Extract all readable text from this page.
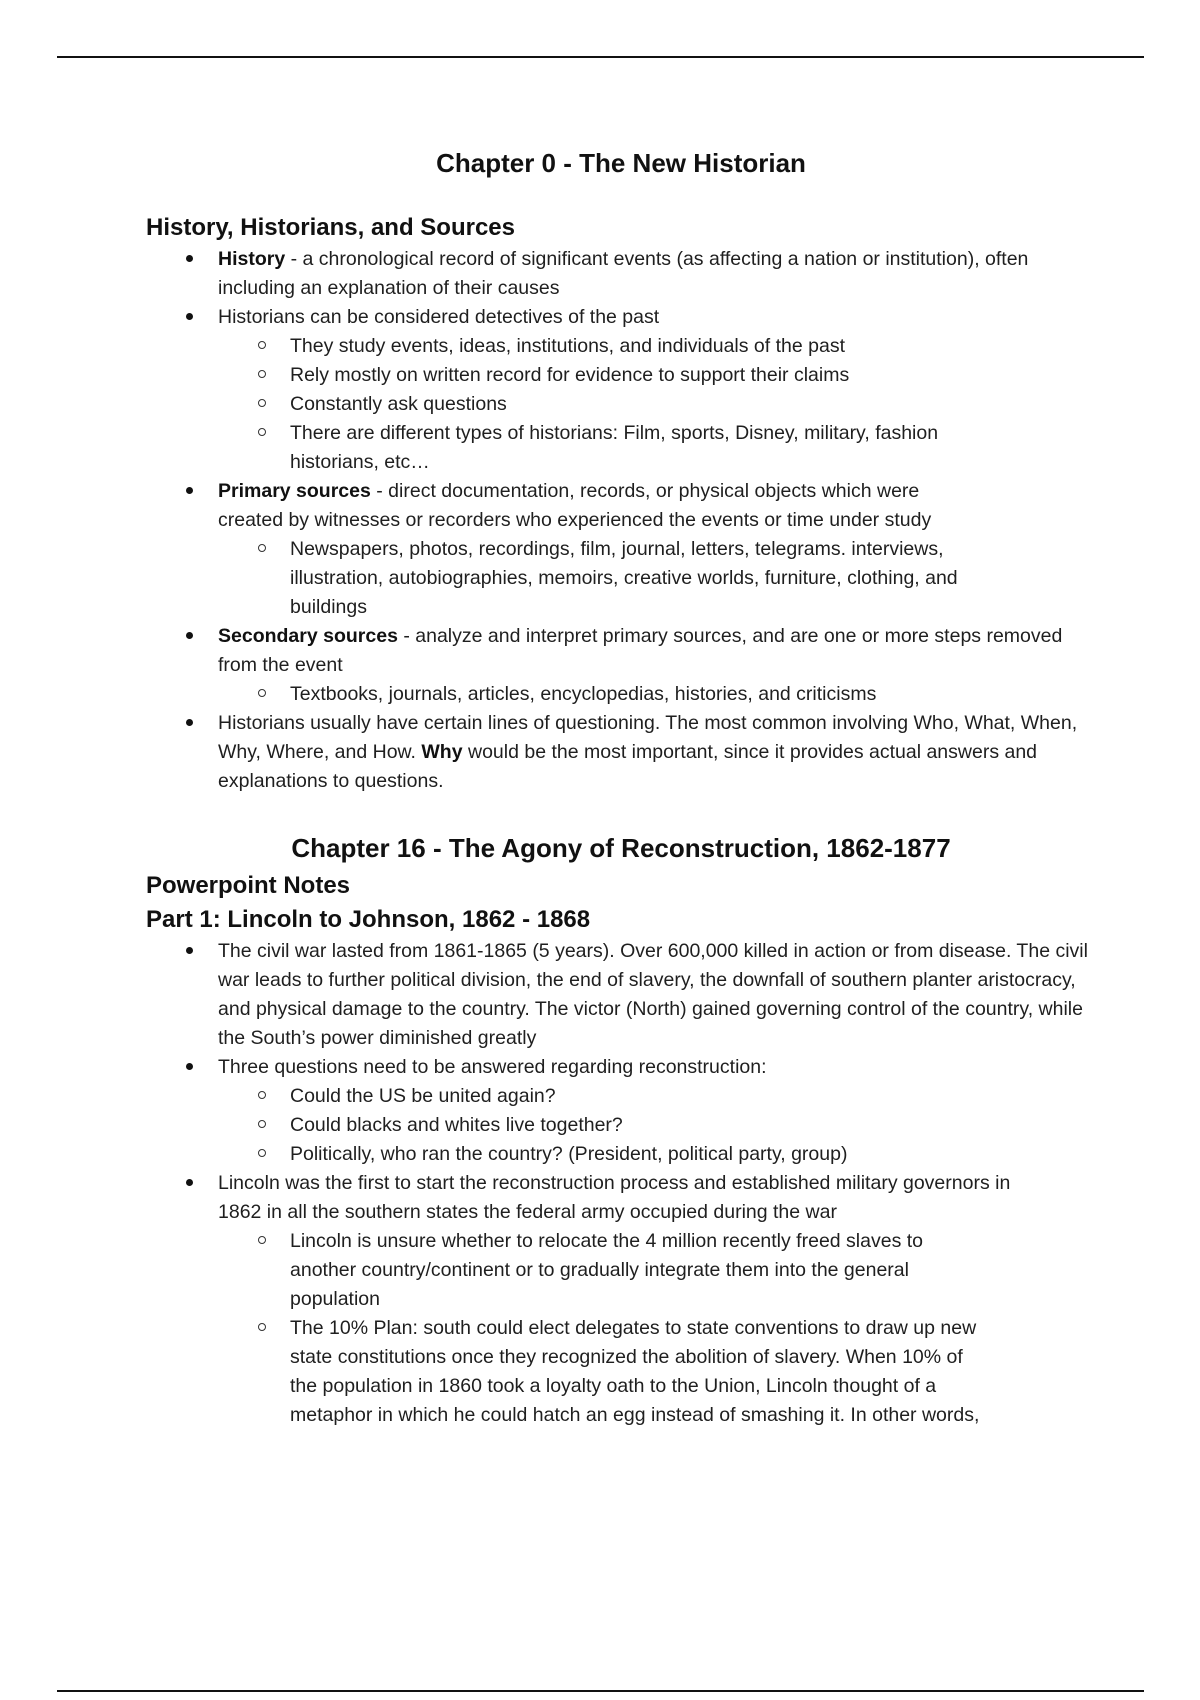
Chapter 0 - The New Historian
History, Historians, and Sources
History - a chronological record of significant events (as affecting a nation or institution), often including an explanation of their causes
Historians can be considered detectives of the past
They study events, ideas, institutions, and individuals of the past
Rely mostly on written record for evidence to support their claims
Constantly ask questions
There are different types of historians: Film, sports, Disney, military, fashion historians, etc…
Primary sources - direct documentation, records, or physical objects which were created by witnesses or recorders who experienced the events or time under study
Newspapers, photos, recordings, film, journal, letters, telegrams. interviews, illustration, autobiographies, memoirs, creative worlds, furniture, clothing, and buildings
Secondary sources - analyze and interpret primary sources, and are one or more steps removed from the event
Textbooks, journals, articles, encyclopedias, histories, and criticisms
Historians usually have certain lines of questioning. The most common involving Who, What, When, Why, Where, and How. Why would be the most important, since it provides actual answers and explanations to questions.
Chapter 16 - The Agony of Reconstruction, 1862-1877
Powerpoint Notes
Part 1: Lincoln to Johnson, 1862 - 1868
The civil war lasted from 1861-1865 (5 years). Over 600,000 killed in action or from disease. The civil war leads to further political division, the end of slavery, the downfall of southern planter aristocracy, and physical damage to the country. The victor (North) gained governing control of the country, while the South’s power diminished greatly
Three questions need to be answered regarding reconstruction:
Could the US be united again?
Could blacks and whites live together?
Politically, who ran the country? (President, political party, group)
Lincoln was the first to start the reconstruction process and established military governors in 1862 in all the southern states the federal army occupied during the war
Lincoln is unsure whether to relocate the 4 million recently freed slaves to another country/continent or to gradually integrate them into the general population
The 10% Plan: south could elect delegates to state conventions to draw up new state constitutions once they recognized the abolition of slavery. When 10% of the population in 1860 took a loyalty oath to the Union, Lincoln thought of a metaphor in which he could hatch an egg instead of smashing it. In other words,
